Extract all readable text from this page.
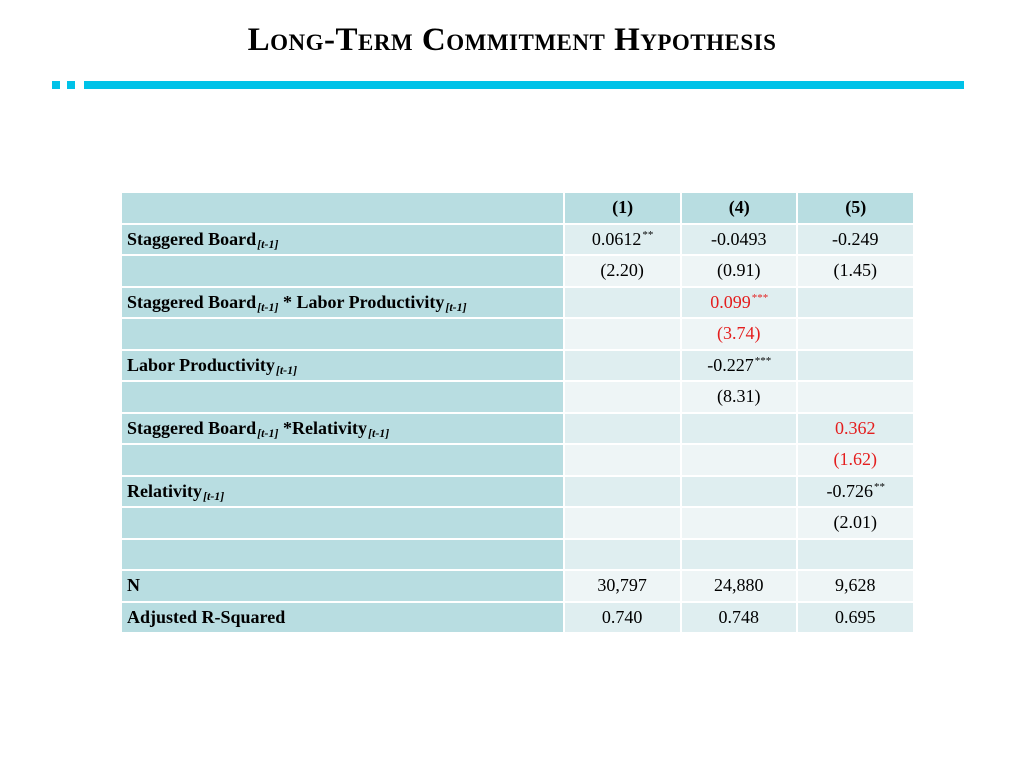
Long-Term Commitment Hypothesis
	(1)	(4)	(5)
Staggered Board[t-1]	0.0612**	-0.0493	-0.249
	(2.20)	(0.91)	(1.45)
Staggered Board[t-1] * Labor Productivity[t-1]		0.099***	
		(3.74)	
Labor Productivity[t-1]		-0.227***	
		(8.31)	
Staggered Board[t-1] *Relativity[t-1]			0.362
			(1.62)
Relativity[t-1]			-0.726**
			(2.01)

N	30,797	24,880	9,628
Adjusted R-Squared	0.740	0.748	0.695
